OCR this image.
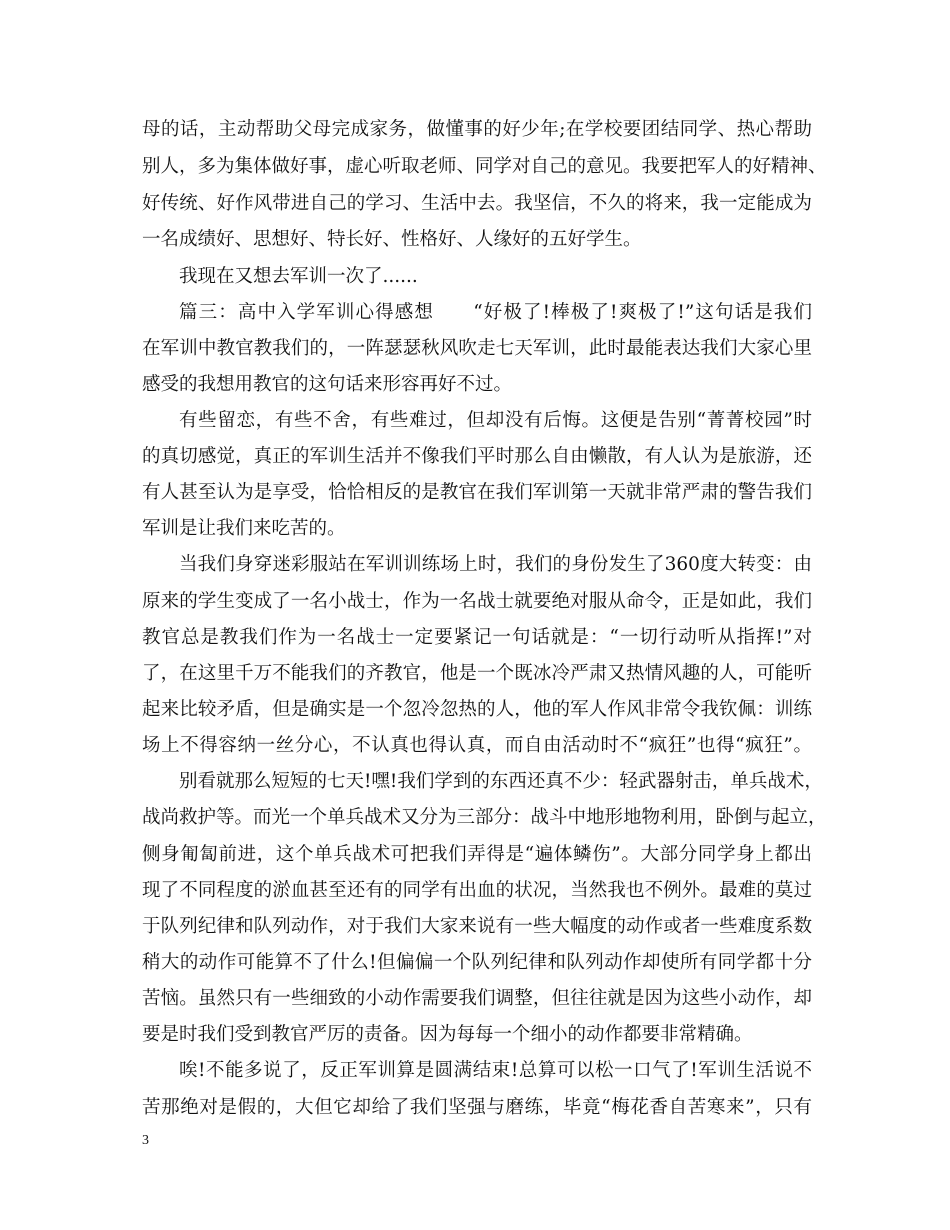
母的话，主动帮助父母完成家务，做懂事的好少年;在学校要团结同学、热心帮助
别人，多为集体做好事，虚心听取老师、同学对自己的意见。我要把军人的好精神、
好传统、好作风带进自己的学习、生活中去。我坚信，不久的将来，我一定能成为
一名成绩好、思想好、特长好、性格好、人缘好的五好学生。
我现在又想去军训一次了......
篇三：高中入学军训心得感想　　“好极了!棒极了!爽极了!”这句话是我们
在军训中教官教我们的，一阵瑟瑟秋风吹走七天军训，此时最能表达我们大家心里
感受的我想用教官的这句话来形容再好不过。
有些留恋，有些不舍，有些难过，但却没有后悔。这便是告别“菁菁校园”时
的真切感觉，真正的军训生活并不像我们平时那么自由懒散，有人认为是旅游，还
有人甚至认为是享受，恰恰相反的是教官在我们军训第一天就非常严肃的警告我们
军训是让我们来吃苦的。
当我们身穿迷彩服站在军训训练场上时，我们的身份发生了360度大转变：由
原来的学生变成了一名小战士，作为一名战士就要绝对服从命令，正是如此，我们
教官总是教我们作为一名战士一定要紧记一句话就是：“一切行动听从指挥!”对
了，在这里千万不能我们的齐教官，他是一个既冰冷严肃又热情风趣的人，可能听
起来比较矛盾，但是确实是一个忽冷忽热的人，他的军人作风非常令我钦佩：训练
场上不得容纳一丝分心，不认真也得认真，而自由活动时不“疯狂”也得“疯狂”。
别看就那么短短的七天!嘿!我们学到的东西还真不少：轻武器射击，单兵战术，
战尚救护等。而光一个单兵战术又分为三部分：战斗中地形地物利用，卧倒与起立，
侧身匍匐前进，这个单兵战术可把我们弄得是“遍体鳞伤”。大部分同学身上都出
现了不同程度的淤血甚至还有的同学有出血的状况，当然我也不例外。最难的莫过
于队列纪律和队列动作，对于我们大家来说有一些大幅度的动作或者一些难度系数
稍大的动作可能算不了什么!但偏偏一个队列纪律和队列动作却使所有同学都十分
苦恼。虽然只有一些细致的小动作需要我们调整，但往往就是因为这些小动作，却
要是时我们受到教官严厉的责备。因为每每一个细小的动作都要非常精确。
唉!不能多说了，反正军训算是圆满结束!总算可以松一口气了!军训生活说不
苦那绝对是假的，大但它却给了我们坚强与磨练，毕竟“梅花香自苦寒来”，只有
3
